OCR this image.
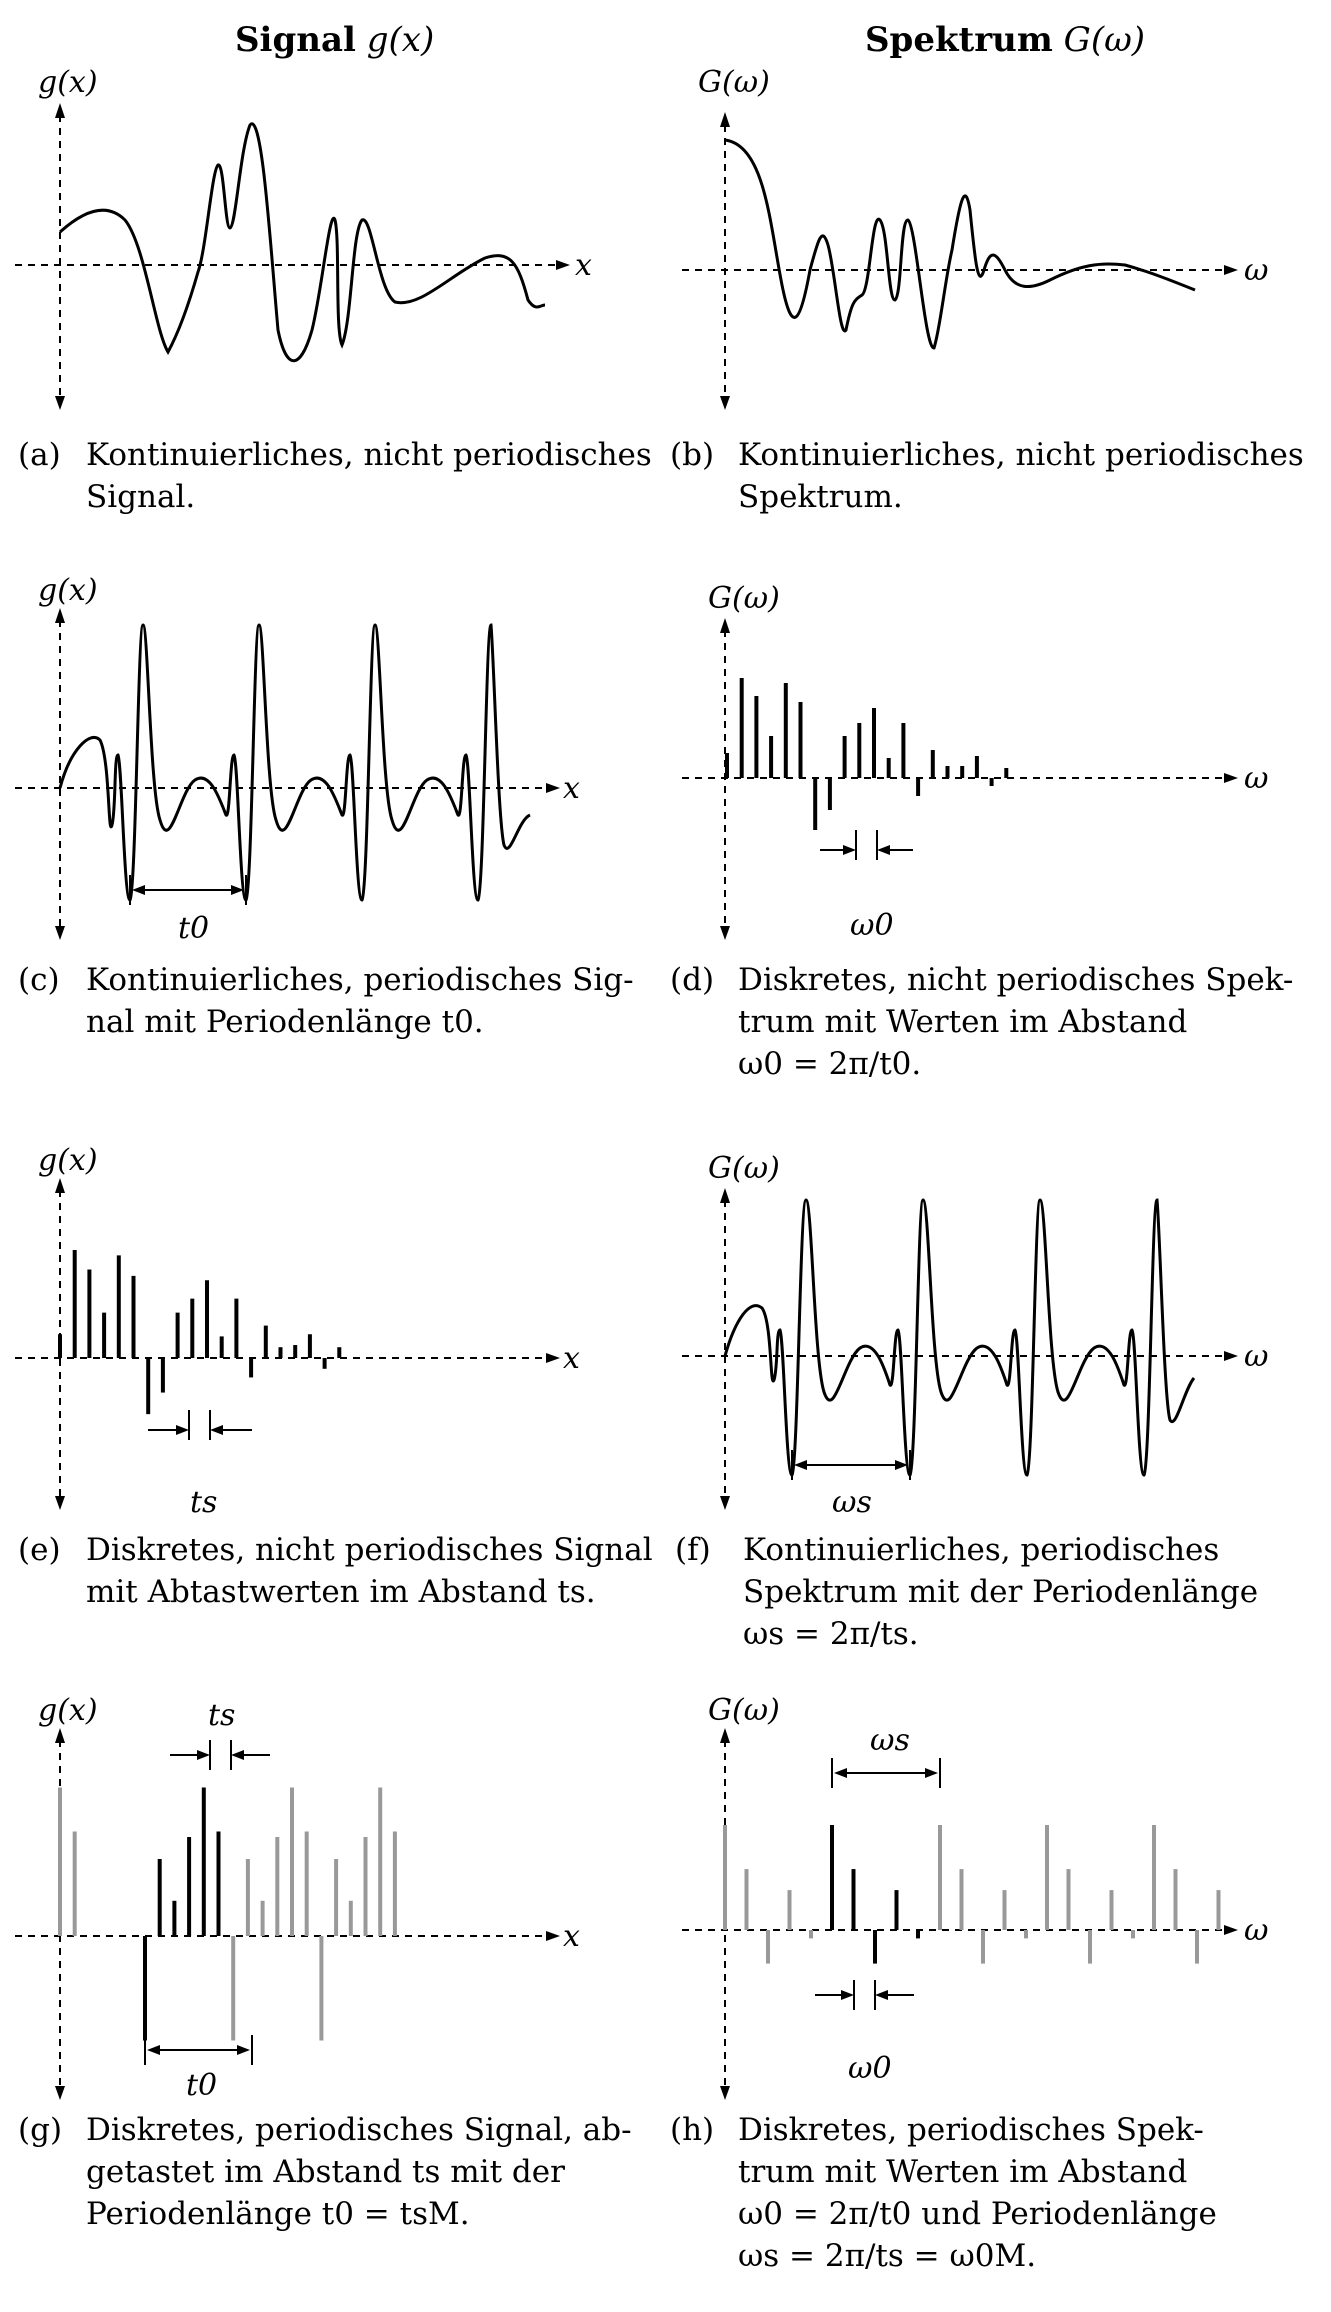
Signal g(x)	Spektrum G(ω)
g(x)
x
(a) Kontinuierliches, nicht periodisches
Signal.
G(ω)
ω
(b) Kontinuierliches, nicht periodisches
Spektrum.
t0
g(x)
x
(c) Kontinuierliches, periodisches Sig-
nal mit Periodenlänge t0.
ω0
G(ω)
ω
(d) Diskretes, nicht periodisches Spek-
trum mit Werten im Abstand
ω0 = 2π/t0.
ts
g(x)
x
(e) Diskretes, nicht periodisches Signal
mit Abtastwerten im Abstand ts.
ωs
G(ω)
ω
(f) Kontinuierliches, periodisches
Spektrum mit der Periodenlänge
ωs = 2π/ts.
ts
t0
g(x)
x
(g) Diskretes, periodisches Signal, ab-
getastet im Abstand ts mit der
Periodenlänge t0 = tsM.
ωs
ω0
G(ω)
ω
(h) Diskretes, periodisches Spek-
trum mit Werten im Abstand
ω0 = 2π/t0 und Periodenlänge
ωs = 2π/ts = ω0M.
